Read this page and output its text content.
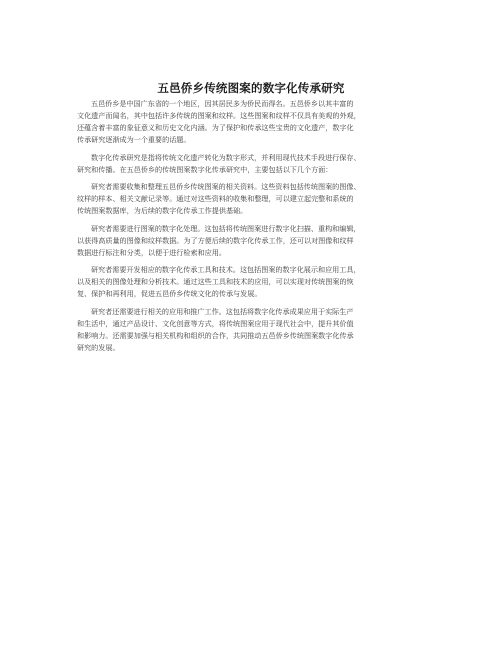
五邑侨乡传统图案的数字化传承研究

五邑侨乡是中国广东省的一个地区，因其居民多为侨民而得名。五邑侨乡以其丰富的
文化遗产而闻名，其中包括许多传统的图案和纹样。这些图案和纹样不仅具有美观的外观，
还蕴含着丰富的象征意义和历史文化内涵。为了保护和传承这些宝贵的文化遗产，数字化
传承研究逐渐成为一个重要的话题。

数字化传承研究是指将传统文化遗产转化为数字形式，并利用现代技术手段进行保存、
研究和传播。在五邑侨乡的传统图案数字化传承研究中，主要包括以下几个方面：

研究者需要收集和整理五邑侨乡传统图案的相关资料。这些资料包括传统图案的图像、
纹样的样本、相关文献记录等。通过对这些资料的收集和整理，可以建立起完整和系统的
传统图案数据库，为后续的数字化传承工作提供基础。

研究者需要进行图案的数字化处理。这包括将传统图案进行数字化扫描、重构和编辑，
以获得高质量的图像和纹样数据。为了方便后续的数字化传承工作，还可以对图像和纹样
数据进行标注和分类，以便于进行检索和应用。

研究者需要开发相应的数字化传承工具和技术。这包括图案的数字化展示和应用工具，
以及相关的图像处理和分析技术。通过这些工具和技术的应用，可以实现对传统图案的恢
复、保护和再利用，促进五邑侨乡传统文化的传承与发展。

研究者还需要进行相关的应用和推广工作。这包括将数字化传承成果应用于实际生产
和生活中，通过产品设计、文化创意等方式，将传统图案应用于现代社会中，提升其价值
和影响力。还需要加强与相关机构和组织的合作，共同推动五邑侨乡传统图案数字化传承
研究的发展。
